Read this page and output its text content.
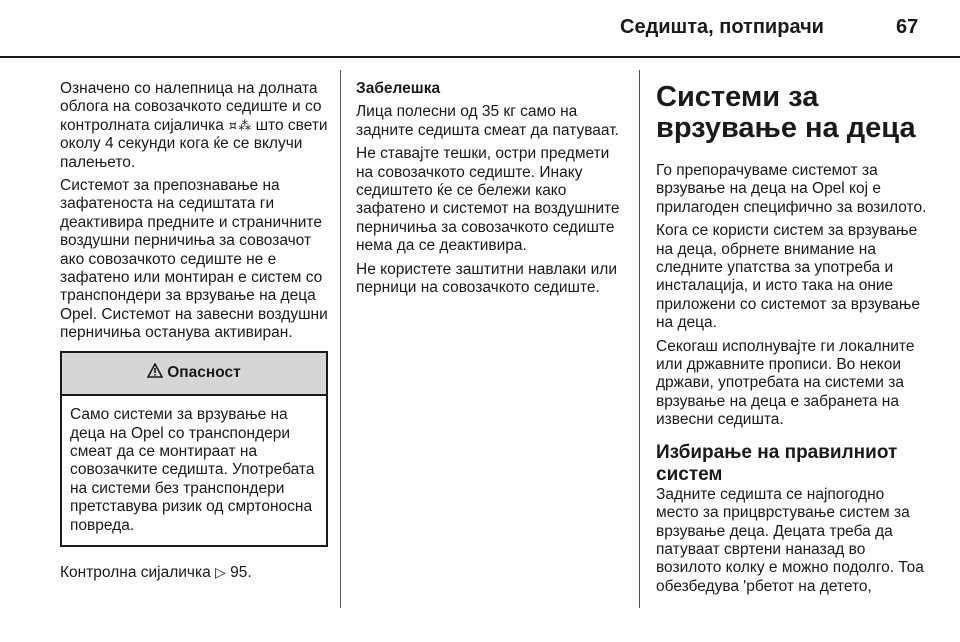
Седишта, потпирачи	67

Означено со налепница на долната облога на совозачкото седиште и со контролната сијаличка ⯏⁂ што свети околу 4 секунди кога ќе се вклучи палењето.

Системот за препознавање на зафатеноста на седиштата ги деактивира предните и страничните воздушни перничиња за совозачот ако совозачкото седиште не е зафатено или монтиран е систем со транспондери за врзување на деца Opel. Системот на завесни воздушни перничиња останува активиран.

Опасност
Само системи за врзување на деца на Opel со транспондери смеат да се монтираат на совозачките седишта. Употребата на системи без транспондери претставува ризик од смртоносна повреда.

Контролна сијаличка ▷ 95.

Забелешка

Лица полесни од 35 кг само на задните седишта смеат да патуваат.

Не ставајте тешки, остри предмети на совозачкото седиште. Инаку седиштето ќе се бележи како зафатено и системот на воздушните перничиња за совозачкото седиште нема да се деактивира.

Не користете заштитни навлаки или перници на совозачкото седиште.

Системи за врзување на деца

Го препорачуваме системот за врзување на деца на Opel кој е прилагоден специфично за возилото.

Кога се користи систем за врзување на деца, обрнете внимание на следните упатства за употреба и инсталација, и исто така на оние приложени со системот за врзување на деца.

Секогаш исполнувајте ги локалните или државните прописи. Во некои држави, употребата на системи за врзување на деца е забранета на извесни седишта.

Избирање на правилниот систем

Задните седишта се најпогодно место за прицврстување систем за врзување деца. Децата треба да патуваат свртени наназад во возилото колку е можно подолго. Тоа обезбедува 'рбетот на детето,
